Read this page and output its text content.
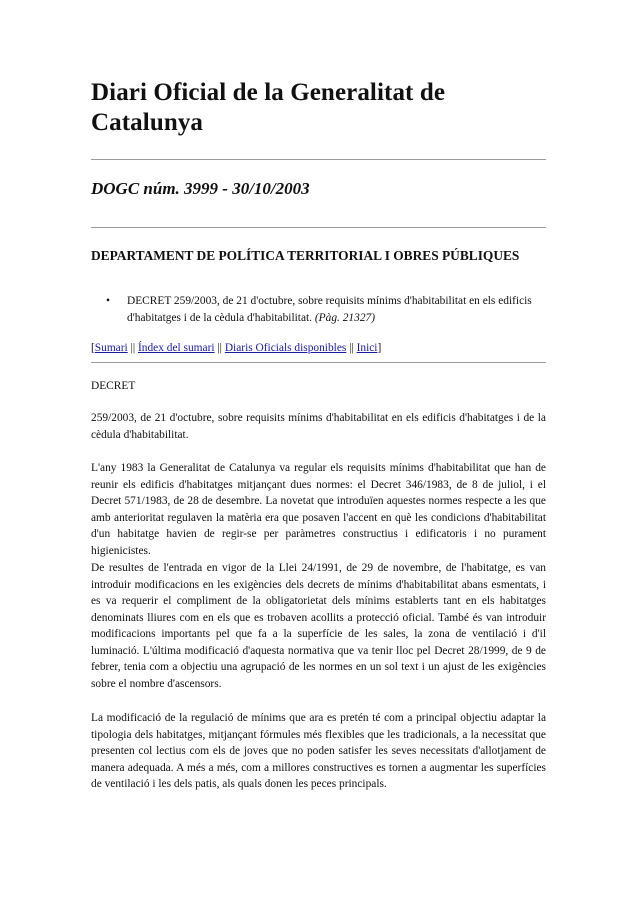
Diari Oficial de la Generalitat de Catalunya

DOGC núm. 3999 - 30/10/2003

DEPARTAMENT DE POLÍTICA TERRITORIAL I OBRES PÚBLIQUES

• DECRET 259/2003, de 21 d'octubre, sobre requisits mínims d'habitabilitat en els edificis d'habitatges i de la cèdula d'habitabilitat. (Pàg. 21327)
[Sumari || Índex del sumari || Diaris Oficials disponibles || Inici]

DECRET

259/2003, de 21 d'octubre, sobre requisits mínims d'habitabilitat en els edificis d'habitatges i de la cèdula d'habitabilitat.

L'any 1983 la Generalitat de Catalunya va regular els requisits mínims d'habitabilitat que han de reunir els edificis d'habitatges mitjançant dues normes: el Decret 346/1983, de 8 de juliol, i el Decret 571/1983, de 28 de desembre. La novetat que introduïen aquestes normes respecte a les que amb anterioritat regulaven la matèria era que posaven l'accent en què les condicions d'habitabilitat d'un habitatge havien de regir-se per paràmetres constructius i edificatoris i no purament higienicistes.

De resultes de l'entrada en vigor de la Llei 24/1991, de 29 de novembre, de l'habitatge, es van introduir modificacions en les exigències dels decrets de mínims d'habitabilitat abans esmentats, i es va requerir el compliment de la obligatorietat dels mínims establerts tant en els habitatges denominats lliures com en els que es trobaven acollits a protecció oficial. També és van introduir modificacions importants pel que fa a la superfície de les sales, la zona de ventilació i d'il luminació. L'última modificació d'aquesta normativa que va tenir lloc pel Decret 28/1999, de 9 de febrer, tenia com a objectiu una agrupació de les normes en un sol text i un ajust de les exigències sobre el nombre d'ascensors.

La modificació de la regulació de mínims que ara es pretén té com a principal objectiu adaptar la tipologia dels habitatges, mitjançant fórmules més flexibles que les tradicionals, a la necessitat que presenten col lectius com els de joves que no poden satisfer les seves necessitats d'allotjament de manera adequada. A més a més, com a millores constructives es tornen a augmentar les superfícies de ventilació i les dels patis, als quals donen les peces principals.
